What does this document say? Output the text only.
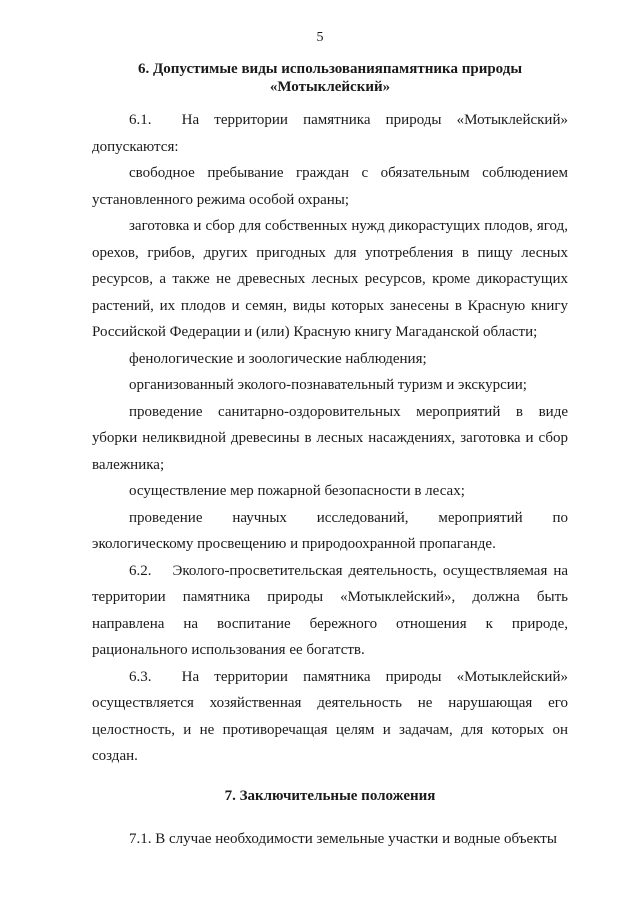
5
6. Допустимые виды использованияпамятника природы
«Мотыклейский»

6.1.  На территории памятника природы «Мотыклейский» допускаются:

свободное пребывание граждан с обязательным соблюдением установленного режима особой охраны;

заготовка и сбор для собственных нужд дикорастущих плодов, ягод, орехов, грибов, других пригодных для употребления в пищу лесных ресурсов, а также не древесных лесных ресурсов, кроме дикорастущих растений, их плодов и семян, виды которых занесены в Красную книгу Российской Федерации и (или) Красную книгу Магаданской области;

фенологические и зоологические наблюдения;

организованный эколого-познавательный туризм и экскурсии;

проведение санитарно-оздоровительных мероприятий в виде уборки неликвидной древесины в лесных насаждениях, заготовка и сбор валежника;

осуществление мер пожарной безопасности в лесах;

проведение научных исследований, мероприятий по экологическому просвещению и природоохранной пропаганде.

6.2.  Эколого-просветительская деятельность, осуществляемая на территории памятника природы «Мотыклейский», должна быть направлена на воспитание бережного отношения к природе, рационального использования ее богатств.

6.3.  На территории памятника природы «Мотыклейский» осуществляется хозяйственная деятельность не нарушающая его целостность, и не противоречащая целям и задачам, для которых он создан.

7. Заключительные положения

7.1. В случае необходимости земельные участки и водные объекты
